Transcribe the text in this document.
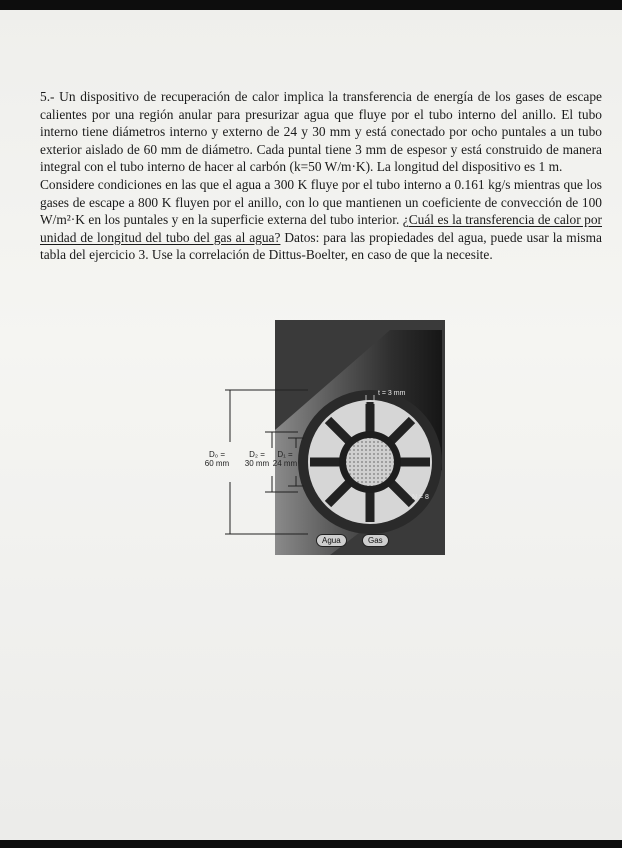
5.- Un dispositivo de recuperación de calor implica la transferencia de energía de los gases de escape calientes por una región anular para presurizar agua que fluye por el tubo interno del anillo. El tubo interno tiene diámetros interno y externo de 24 y 30 mm y está conectado por ocho puntales a un tubo exterior aislado de 60 mm de diámetro. Cada puntal tiene 3 mm de espesor y está construido de manera integral con el tubo interno de hacer al carbón (k=50 W/m·K). La longitud del dispositivo es 1 m.

Considere condiciones en las que el agua a 300 K fluye por el tubo interno a 0.161 kg/s mientras que los gases de escape a 800 K fluyen por el anillo, con lo que mantienen un coeficiente de convección de 100 W/m²·K en los puntales y en la superficie externa del tubo interior. ¿Cuál es la transferencia de calor por unidad de longitud del tubo del gas al agua? Datos: para las propiedades del agua, puede usar la misma tabla del ejercicio 3. Use la correlación de Dittus-Boelter, en caso de que la necesite.

D₀ =
60 mm
D₂ =
30 mm
D₁ =
24 mm
t = 3 mm
N = 8
Agua	Gas
